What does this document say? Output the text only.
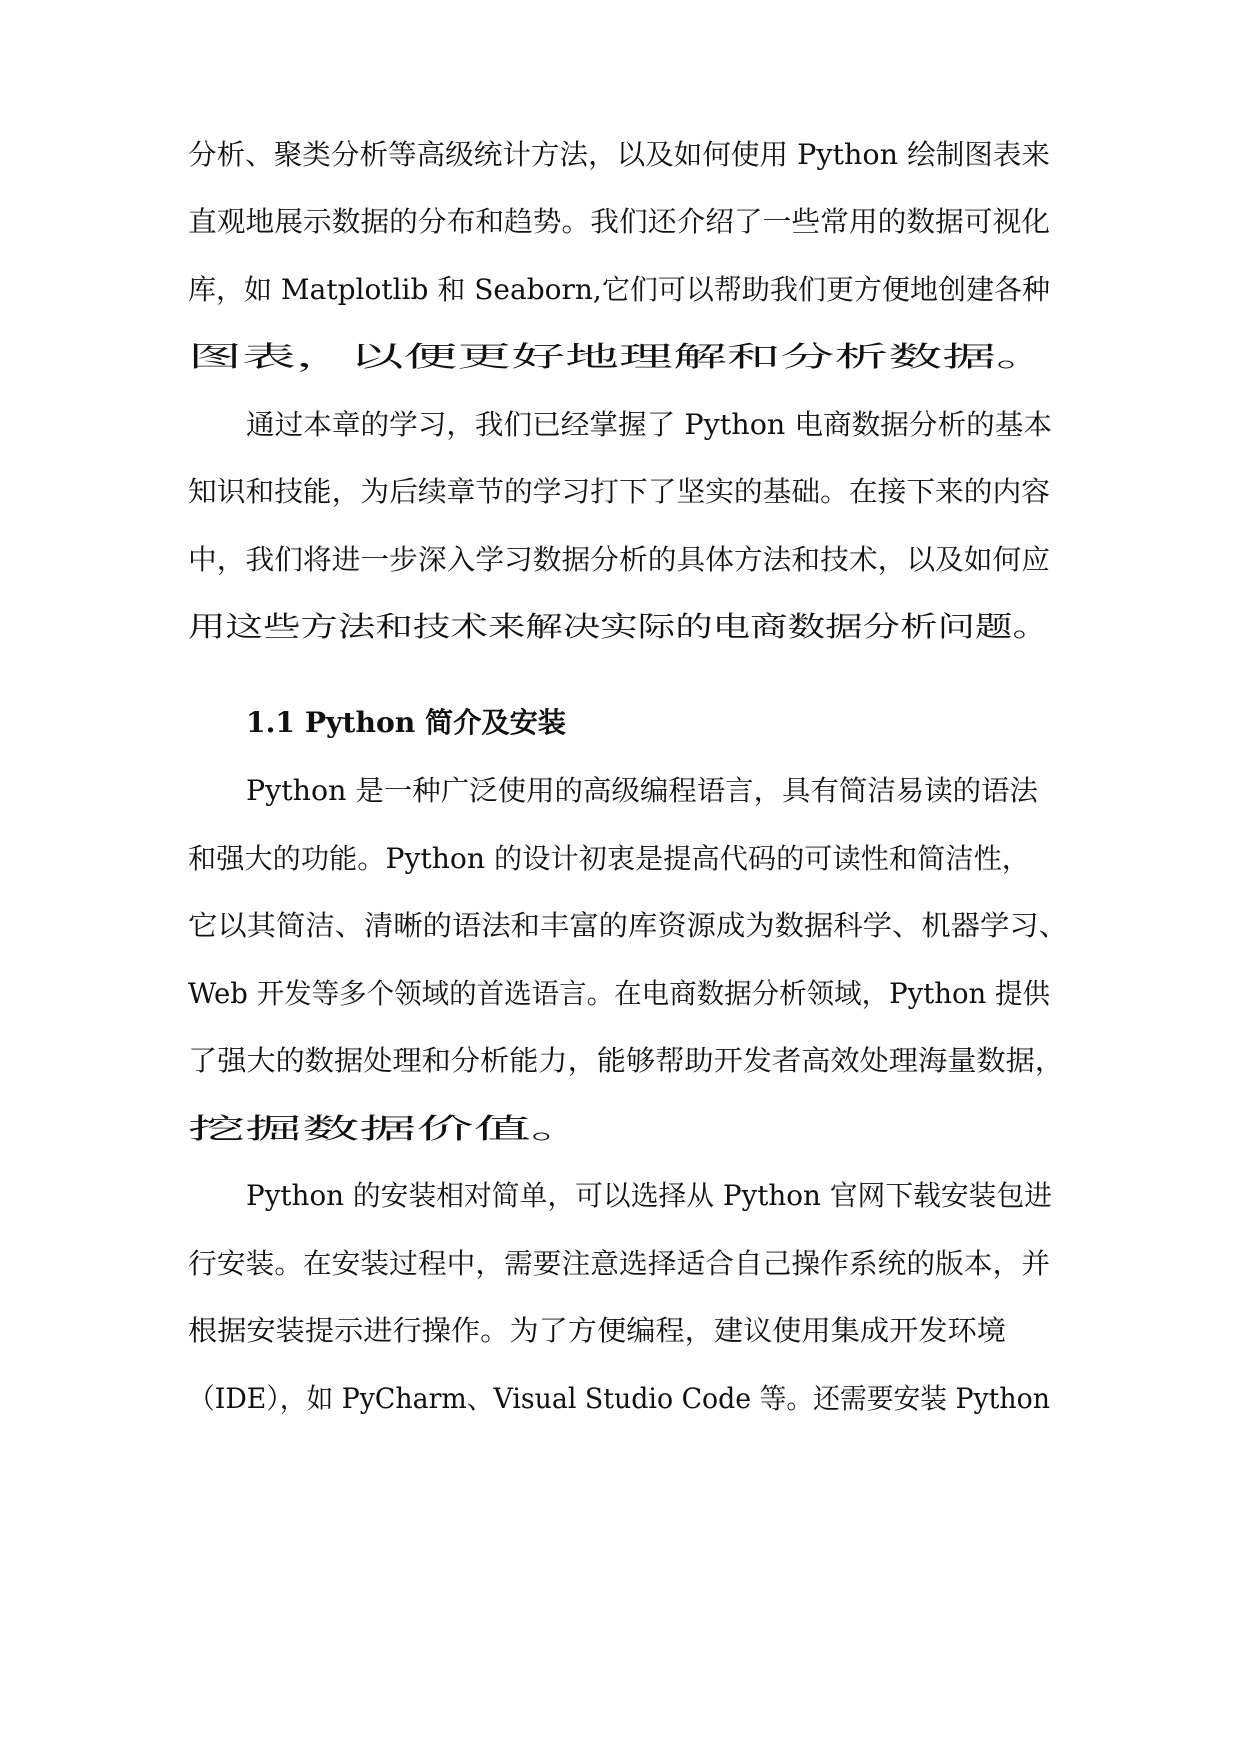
分析、聚类分析等高级统计方法，以及如何使用 Python 绘制图表来
直观地展示数据的分布和趋势。我们还介绍了一些常用的数据可视化
库，如 Matplotlib 和 Seaborn,它们可以帮助我们更方便地创建各种
图表，以便更好地理解和分析数据。
通过本章的学习，我们已经掌握了 Python 电商数据分析的基本
知识和技能，为后续章节的学习打下了坚实的基础。在接下来的内容
中，我们将进一步深入学习数据分析的具体方法和技术，以及如何应
用这些方法和技术来解决实际的电商数据分析问题。
1.1 Python 简介及安装
Python 是一种广泛使用的高级编程语言，具有简洁易读的语法
和强大的功能。Python 的设计初衷是提高代码的可读性和简洁性，
它以其简洁、清晰的语法和丰富的库资源成为数据科学、机器学习、
Web 开发等多个领域的首选语言。在电商数据分析领域，Python 提供
了强大的数据处理和分析能力，能够帮助开发者高效处理海量数据，
挖掘数据价值。
Python 的安装相对简单，可以选择从 Python 官网下载安装包进
行安装。在安装过程中，需要注意选择适合自己操作系统的版本，并
根据安装提示进行操作。为了方便编程，建议使用集成开发环境
（IDE），如 PyCharm、Visual Studio Code 等。还需要安装 Python
